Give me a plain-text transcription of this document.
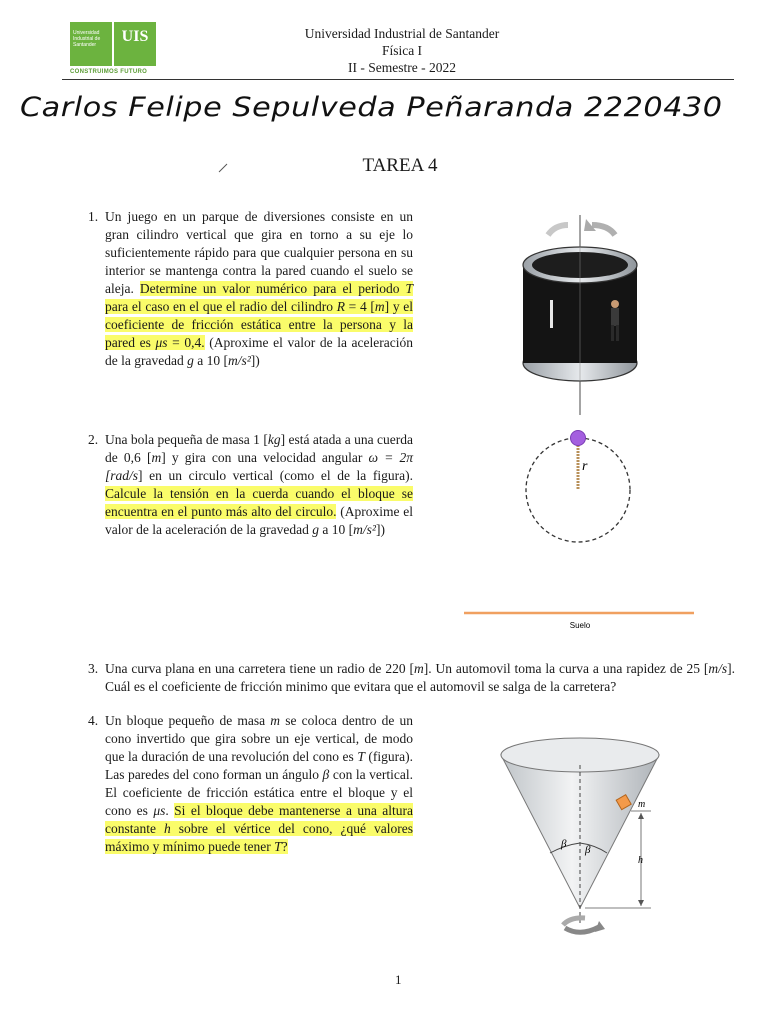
Universidad Industrial de Santander	UIS
CONSTRUIMOS FUTURO
Universidad Industrial de Santander
Física I
II - Semestre - 2022
Carlos Felipe Sepulveda Peñaranda 2220430
TAREA 4
1. Un juego en un parque de diversiones consiste en un gran cilindro vertical que gira en torno a su eje lo suficientemente rápido para que cualquier persona en su interior se mantenga contra la pared cuando el suelo se aleja. Determine un valor numérico para el periodo T para el caso en el que el radio del cilindro R = 4 [m] y el coeficiente de fricción estática entre la persona y la pared es μs = 0,4. (Aproxime el valor de la aceleración de la gravedad g a 10 [m/s²])
2. Una bola pequeña de masa 1 [kg] está atada a una cuerda de 0,6 [m] y gira con una velocidad angular ω = 2π [rad/s] en un circulo vertical (como el de la figura). Calcule la tensión en la cuerda cuando el bloque se encuentra en el punto más alto del circulo. (Aproxime el valor de la aceleración de la gravedad g a 10 [m/s²])
r
Suelo
3. Una curva plana en una carretera tiene un radio de 220 [m]. Un automovil toma la curva a una rapidez de 25 [m/s]. Cuál es el coeficiente de fricción minimo que evitara que el automovil se salga de la carretera?
4. Un bloque pequeño de masa m se coloca dentro de un cono invertido que gira sobre un eje vertical, de modo que la duración de una revolución del cono es T (figura). Las paredes del cono forman un ángulo β con la vertical. El coeficiente de fricción estática entre el bloque y el cono es μs. Si el bloque debe mantenerse a una altura constante h sobre el vértice del cono, ¿qué valores máximo y mínimo puede tener T?
m
h
β β
1
